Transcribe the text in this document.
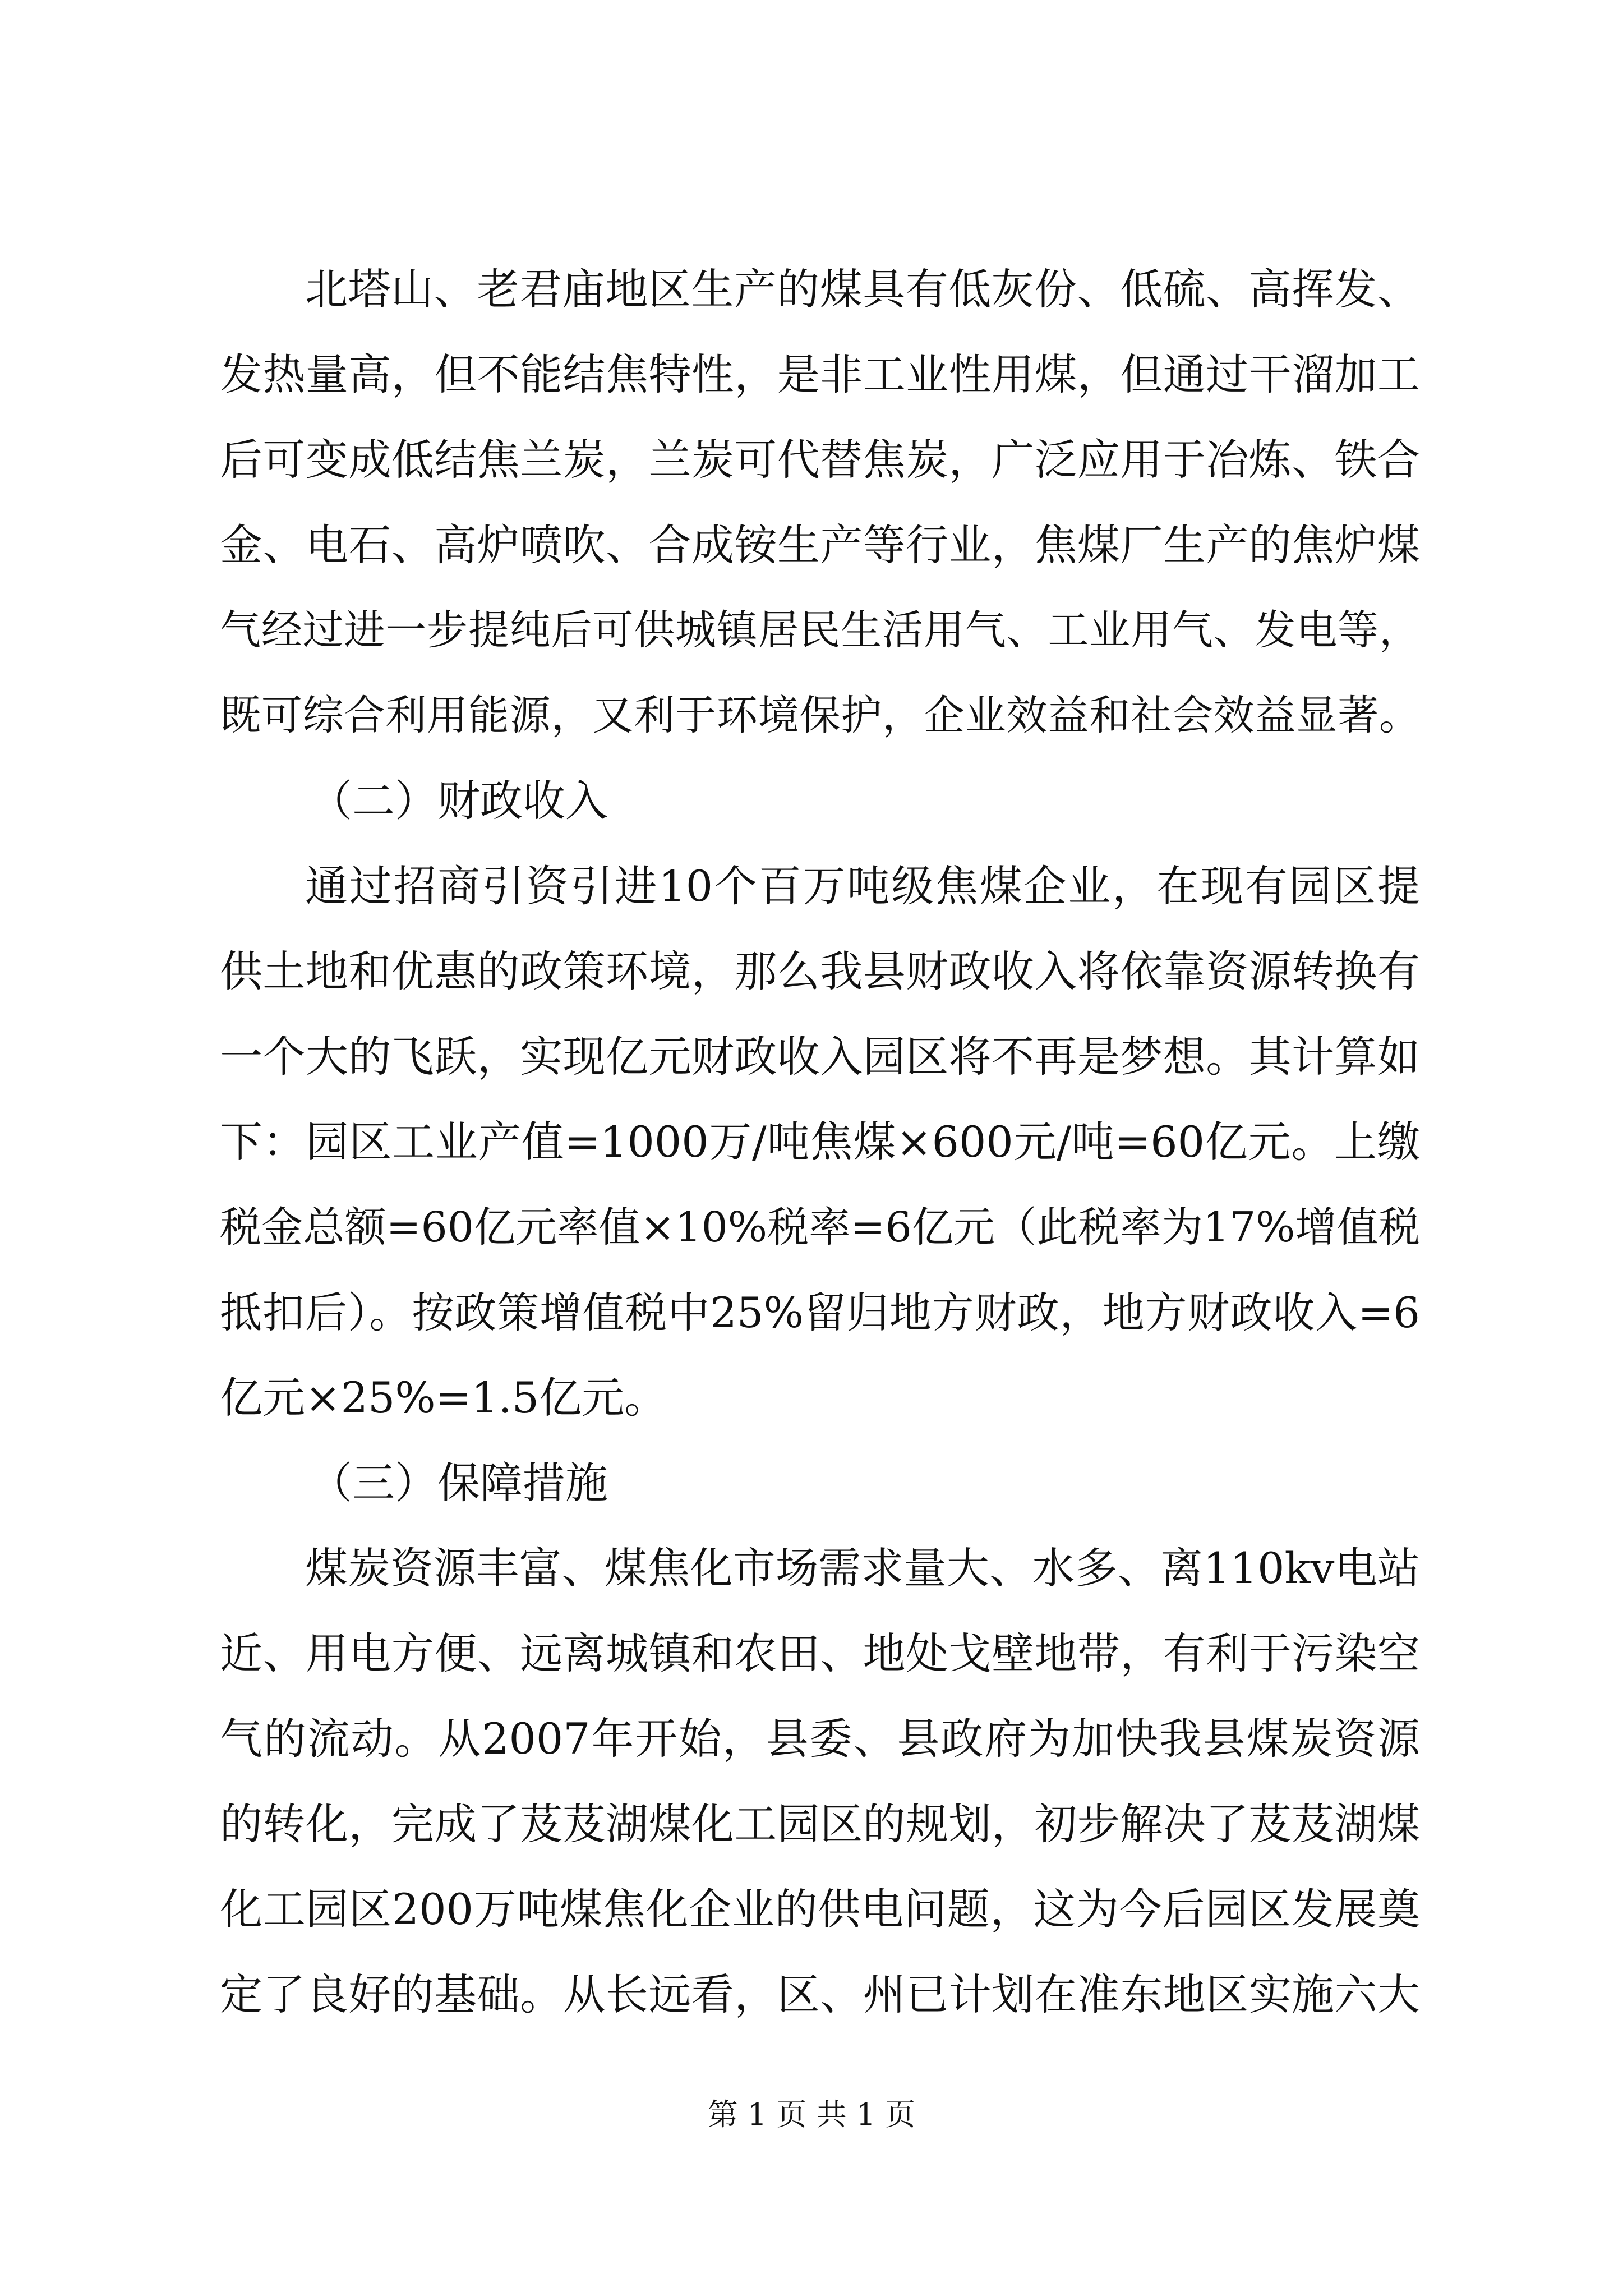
北塔山、老君庙地区生产的煤具有低灰份、低硫、高挥发、
发热量高，但不能结焦特性，是非工业性用煤，但通过干溜加工
后可变成低结焦兰炭，兰炭可代替焦炭，广泛应用于冶炼、铁合
金、电石、高炉喷吹、合成铵生产等行业，焦煤厂生产的焦炉煤
气经过进一步提纯后可供城镇居民生活用气、工业用气、发电等，
既可综合利用能源，又利于环境保护，企业效益和社会效益显著。
（二）财政收入
通过招商引资引进10个百万吨级焦煤企业，在现有园区提
供土地和优惠的政策环境，那么我县财政收入将依靠资源转换有
一个大的飞跃，实现亿元财政收入园区将不再是梦想。其计算如
下：园区工业产值=1000万/吨焦煤×600元/吨=60亿元。上缴
税金总额=60亿元率值×10%税率=6亿元（此税率为17%增值税
抵扣后）。按政策增值税中25%留归地方财政，地方财政收入=6
亿元×25%=1.5亿元。
（三）保障措施
煤炭资源丰富、煤焦化市场需求量大、水多、离110kv电站
近、用电方便、远离城镇和农田、地处戈壁地带，有利于污染空
气的流动。从2007年开始，县委、县政府为加快我县煤炭资源
的转化，完成了芨芨湖煤化工园区的规划，初步解决了芨芨湖煤
化工园区200万吨煤焦化企业的供电问题，这为今后园区发展奠
定了良好的基础。从长远看，区、州已计划在准东地区实施六大
第 1 页 共 1 页
